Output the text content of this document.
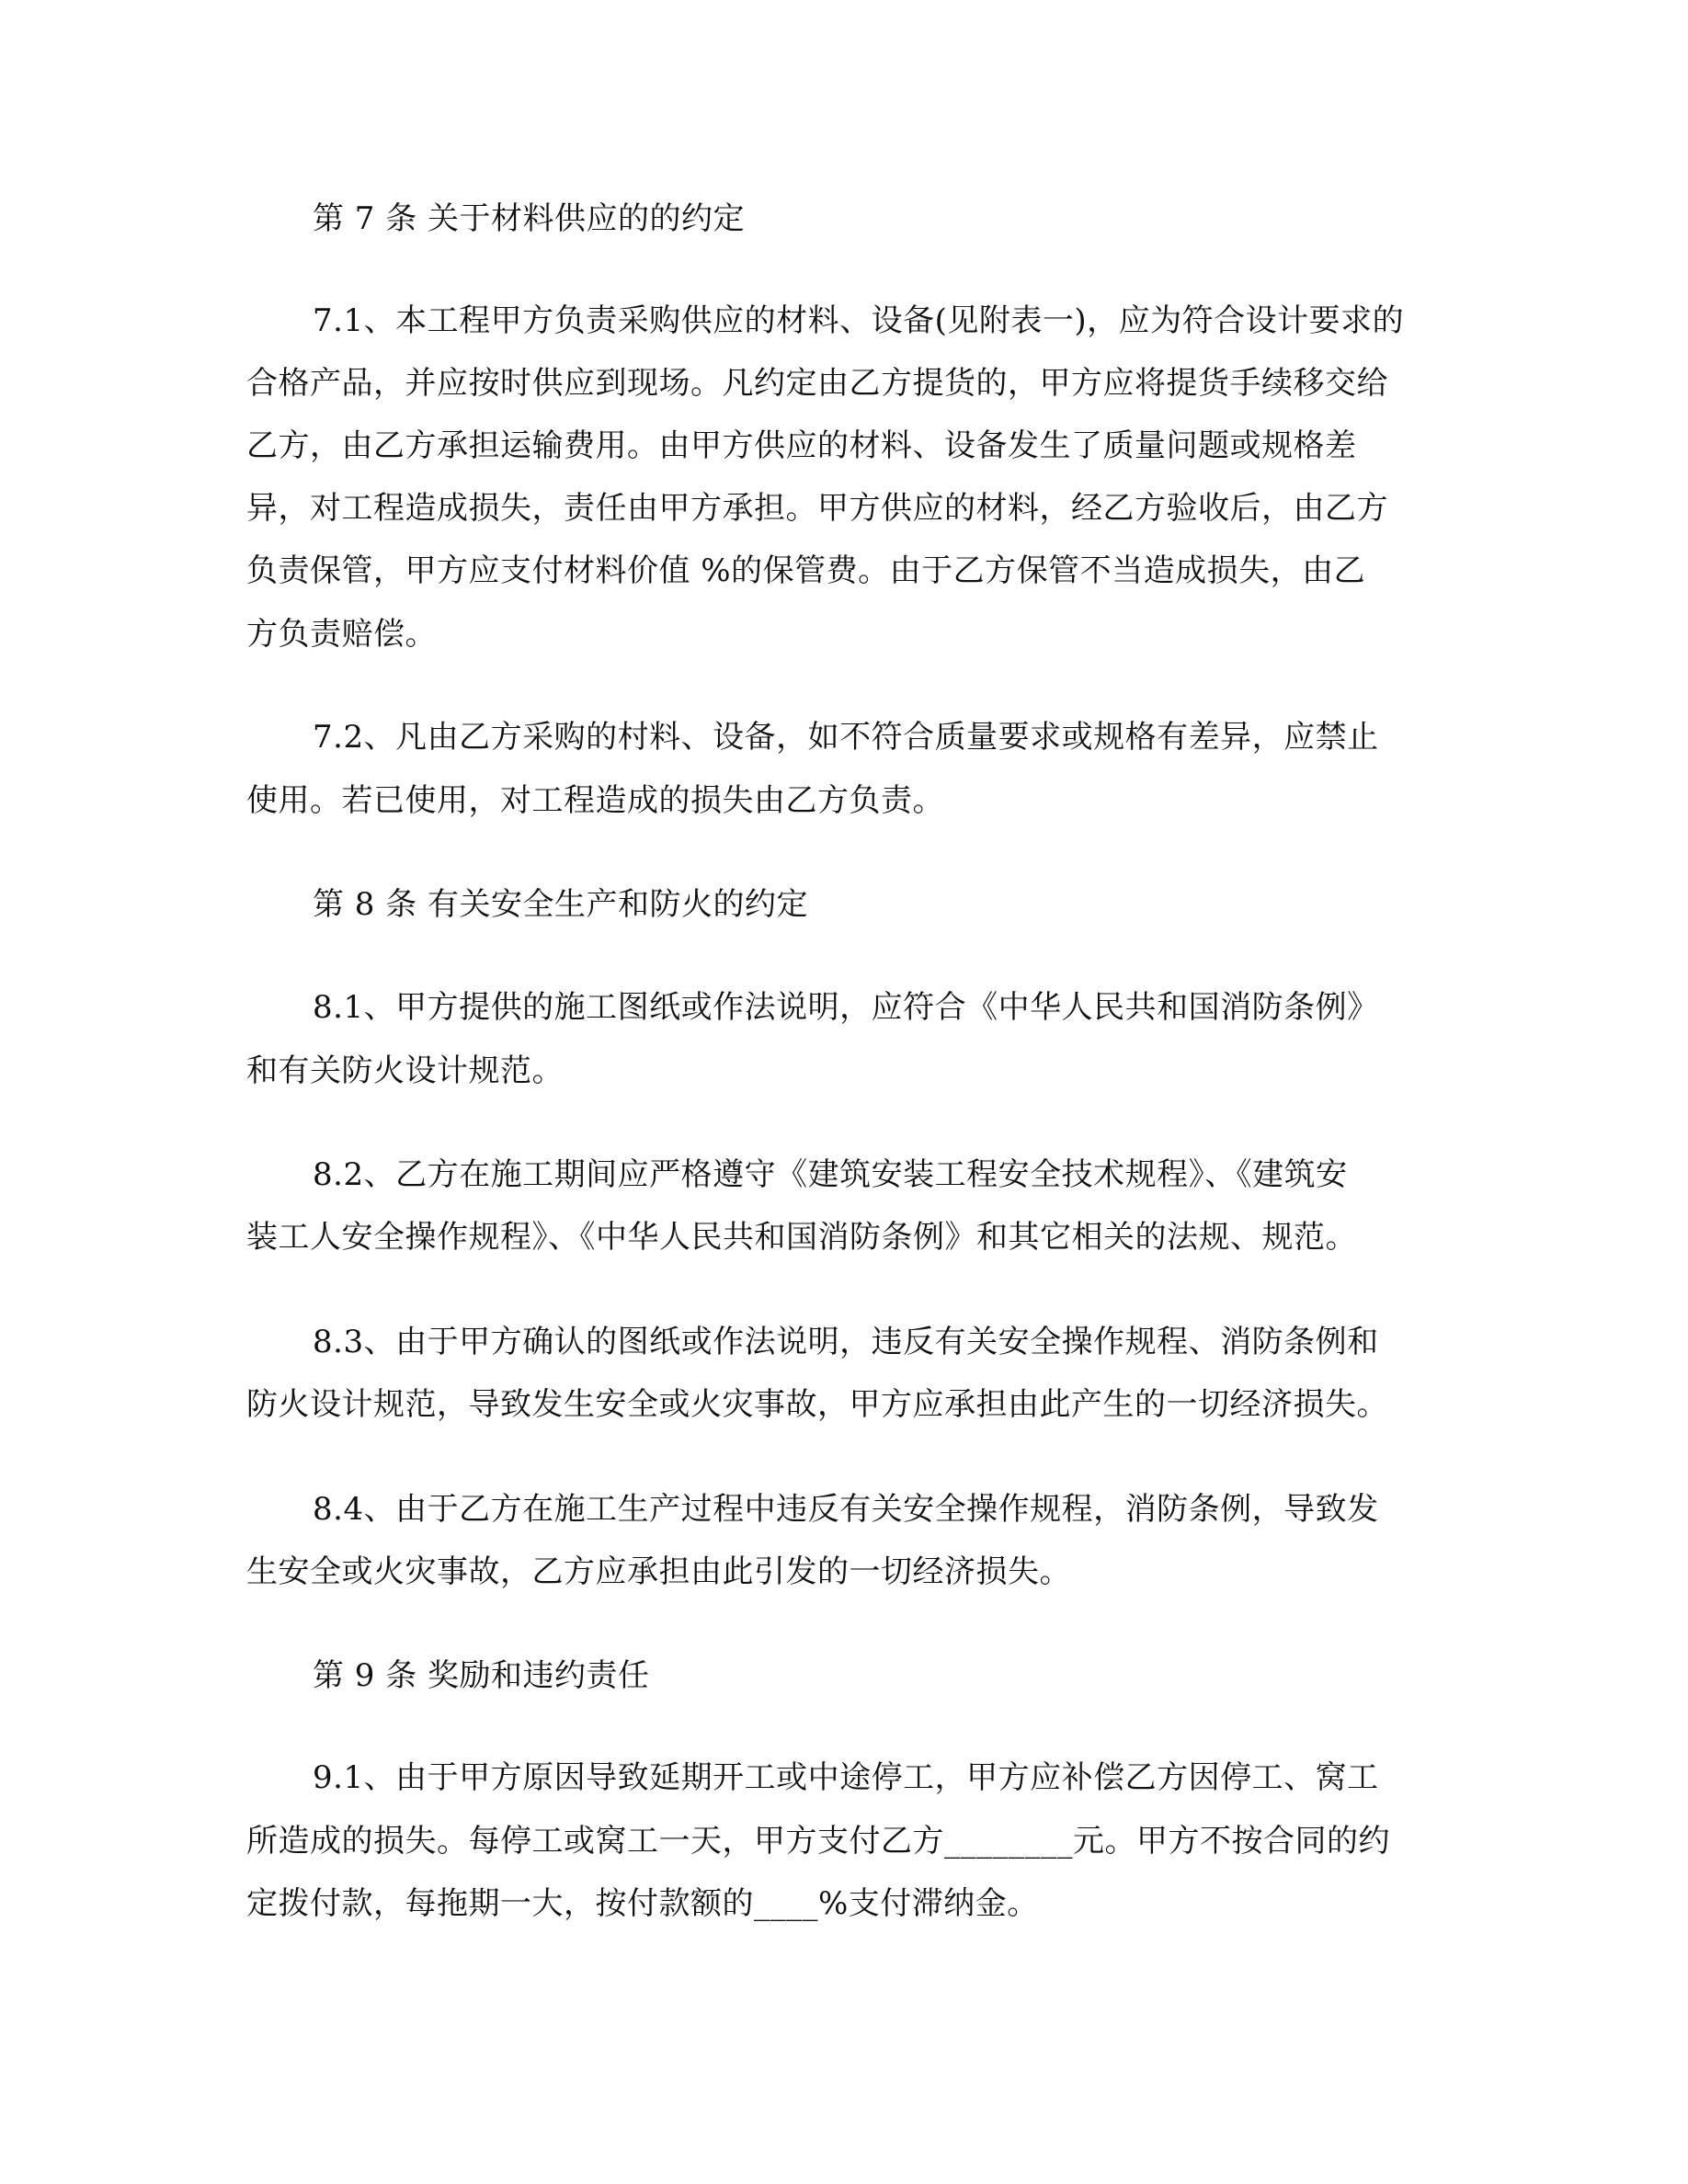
第 7 条 关于材料供应的的约定

7.1、本工程甲方负责采购供应的材料、设备(见附表一)，应为符合设计要求的

合格产品，并应按时供应到现场。凡约定由乙方提货的，甲方应将提货手续移交给

乙方，由乙方承担运输费用。由甲方供应的材料、设备发生了质量问题或规格差

异，对工程造成损失，责任由甲方承担。甲方供应的材料，经乙方验收后，由乙方

负责保管，甲方应支付材料价值 %的保管费。由于乙方保管不当造成损失，由乙

方负责赔偿。

7.2、凡由乙方采购的村料、设备，如不符合质量要求或规格有差异，应禁止

使用。若已使用，对工程造成的损失由乙方负责。

第 8 条 有关安全生产和防火的约定

8.1、甲方提供的施工图纸或作法说明，应符合《中华人民共和国消防条例》

和有关防火设计规范。

8.2、乙方在施工期间应严格遵守《建筑安装工程安全技术规程》、《建筑安

装工人安全操作规程》、《中华人民共和国消防条例》和其它相关的法规、规范。

8.3、由于甲方确认的图纸或作法说明，违反有关安全操作规程、消防条例和

防火设计规范，导致发生安全或火灾事故，甲方应承担由此产生的一切经济损失。

8.4、由于乙方在施工生产过程中违反有关安全操作规程，消防条例，导致发

生安全或火灾事故，乙方应承担由此引发的一切经济损失。

第 9 条 奖励和违约责任

9.1、由于甲方原因导致延期开工或中途停工，甲方应补偿乙方因停工、窝工

所造成的损失。每停工或窝工一天，甲方支付乙方________元。甲方不按合同的约

定拨付款，每拖期一大，按付款额的____%支付滞纳金。
